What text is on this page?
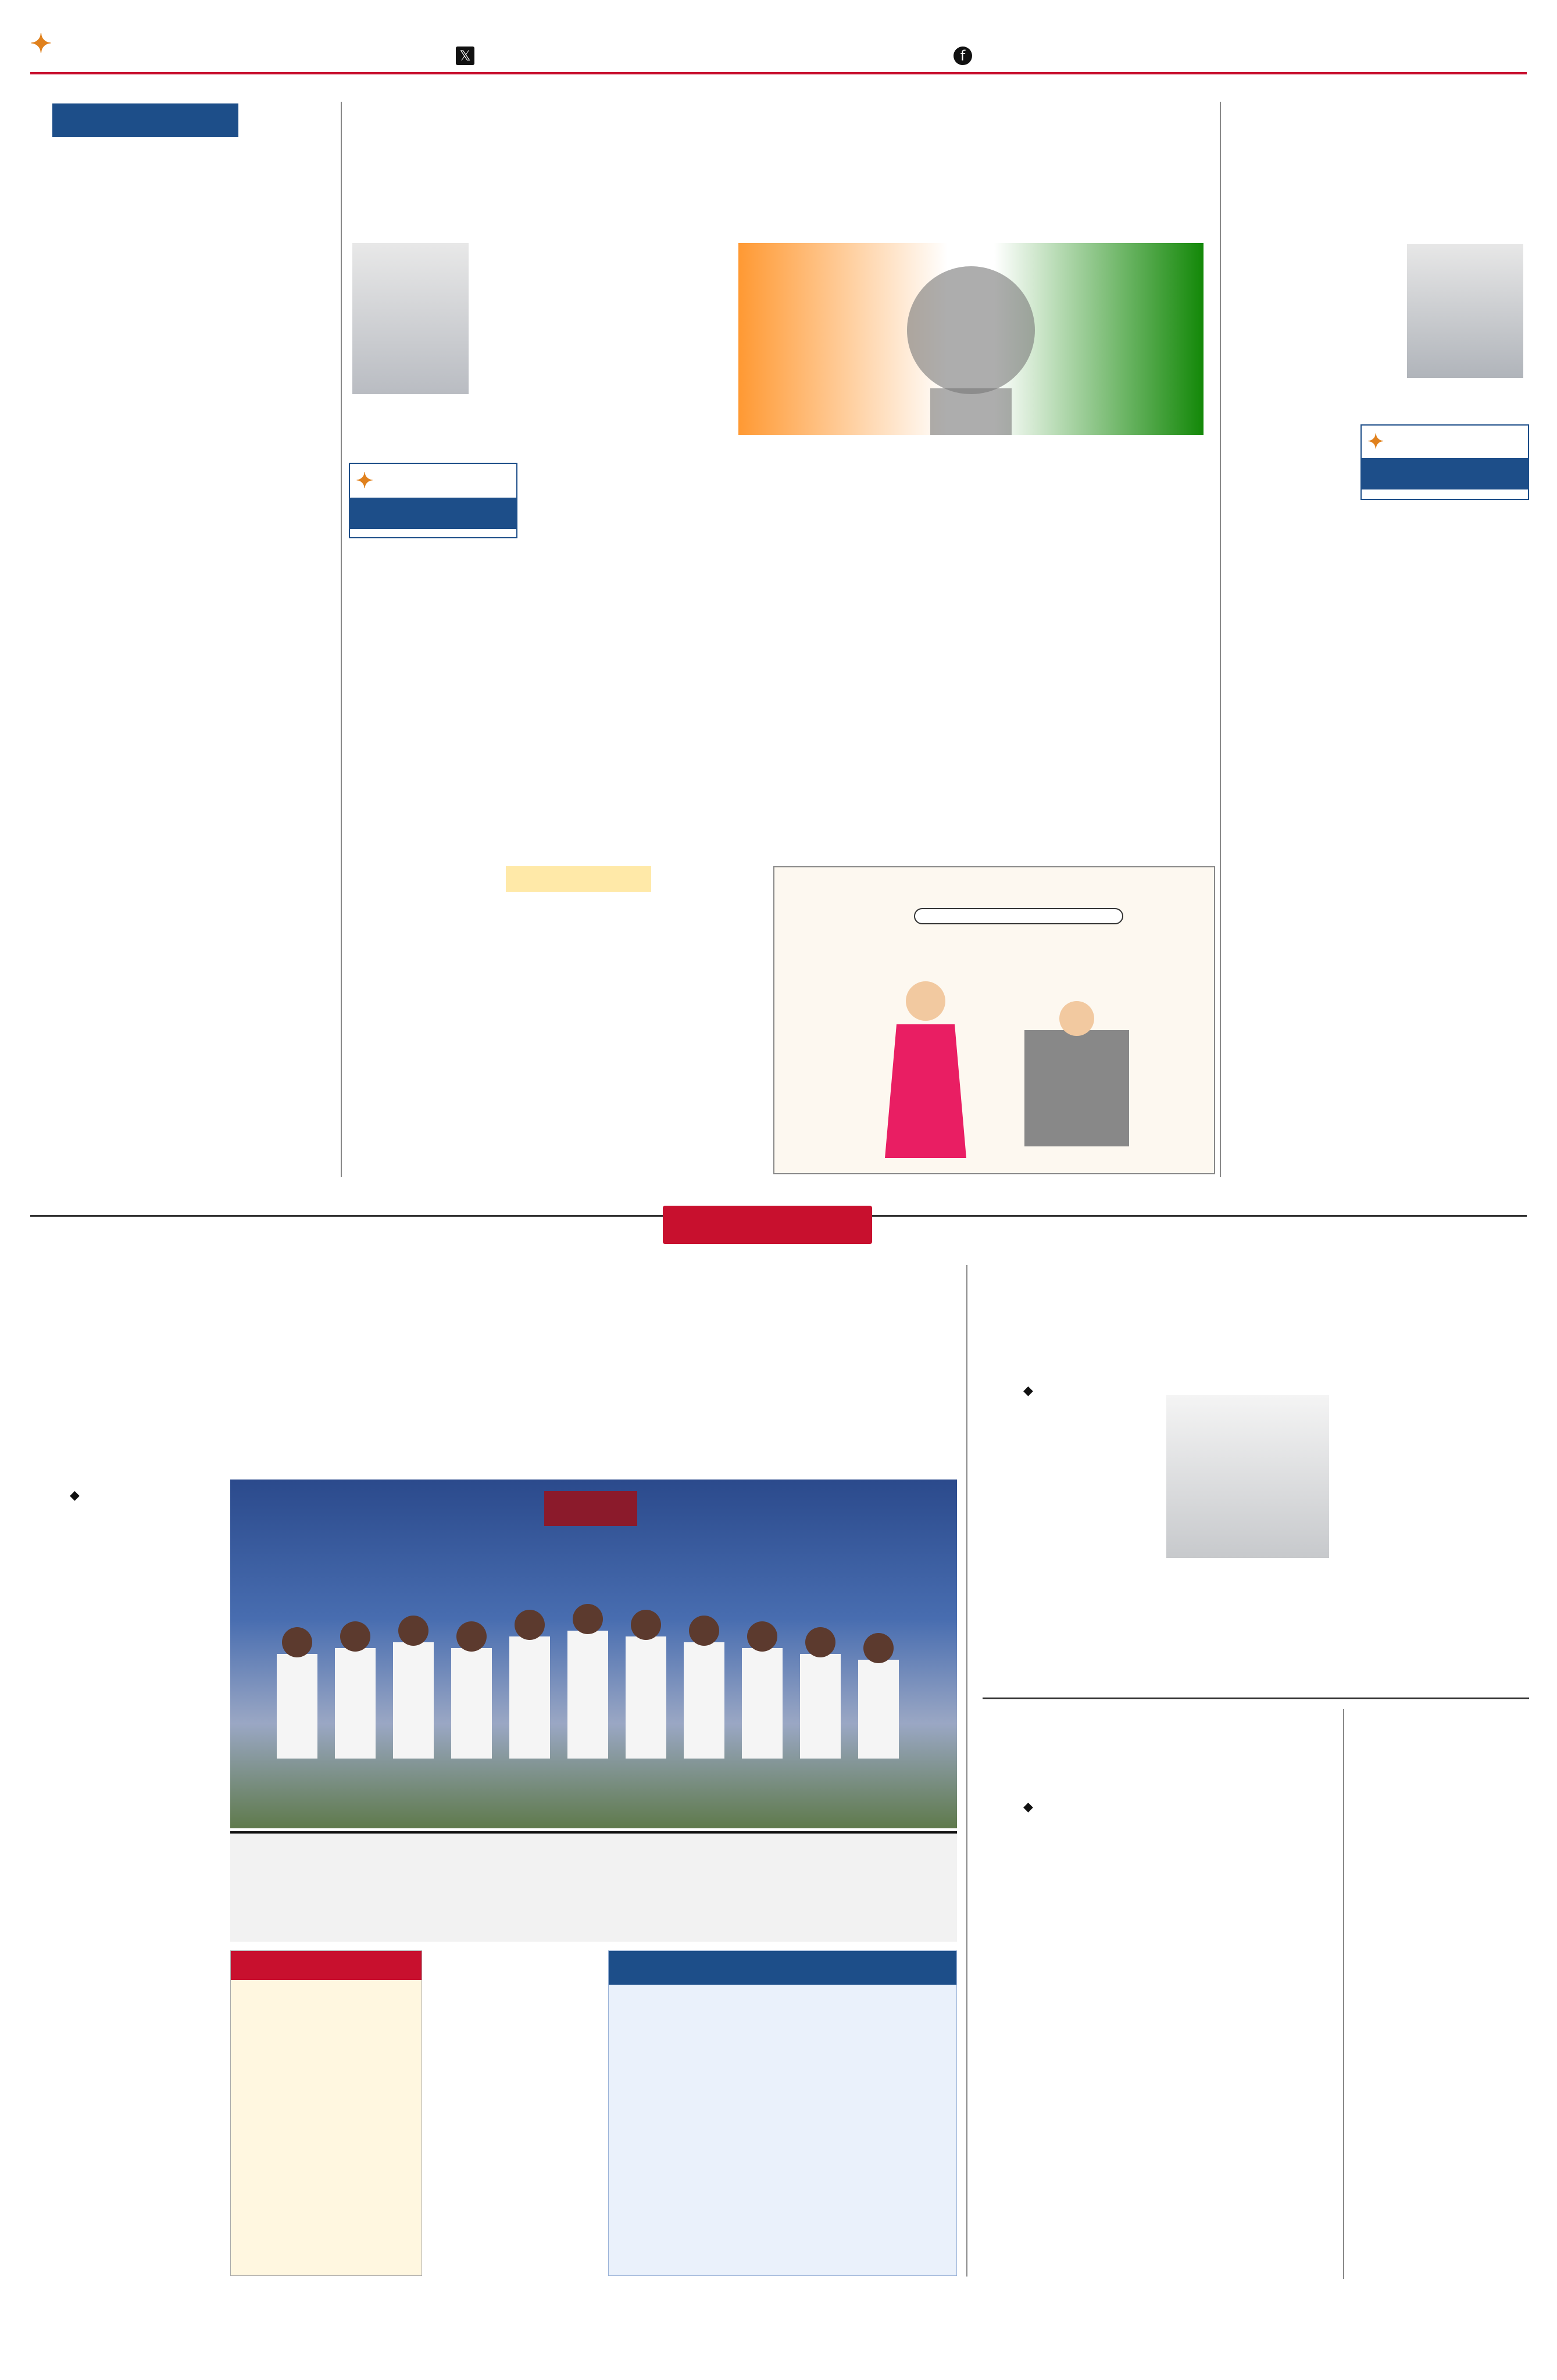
✦	𝕏	f
✦
✦
◆
◆
◆
